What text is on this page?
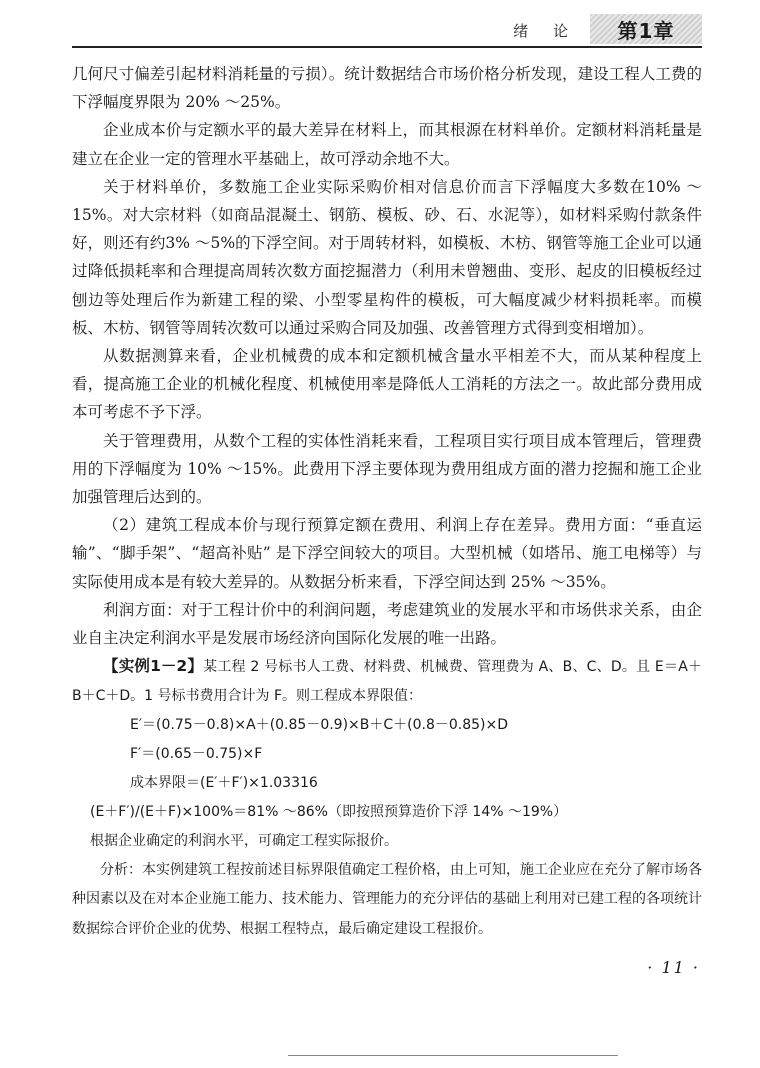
绪 论	第1章

几何尺寸偏差引起材料消耗量的亏损）。统计数据结合市场价格分析发现，建设工程人工费的下浮幅度界限为 20% ～25%。

企业成本价与定额水平的最大差异在材料上，而其根源在材料单价。定额材料消耗量是建立在企业一定的管理水平基础上，故可浮动余地不大。

关于材料单价，多数施工企业实际采购价相对信息价而言下浮幅度大多数在10% ～15%。对大宗材料（如商品混凝土、钢筋、模板、砂、石、水泥等），如材料采购付款条件好，则还有约3% ～5%的下浮空间。对于周转材料，如模板、木枋、钢管等施工企业可以通过降低损耗率和合理提高周转次数方面挖掘潜力（利用未曾翘曲、变形、起皮的旧模板经过刨边等处理后作为新建工程的梁、小型零星构件的模板，可大幅度减少材料损耗率。而模板、木枋、钢管等周转次数可以通过采购合同及加强、改善管理方式得到变相增加）。

从数据测算来看，企业机械费的成本和定额机械含量水平相差不大，而从某种程度上看，提高施工企业的机械化程度、机械使用率是降低人工消耗的方法之一。故此部分费用成本可考虑不予下浮。

关于管理费用，从数个工程的实体性消耗来看，工程项目实行项目成本管理后，管理费用的下浮幅度为 10% ～15%。此费用下浮主要体现为费用组成方面的潜力挖掘和施工企业加强管理后达到的。

（2）建筑工程成本价与现行预算定额在费用、利润上存在差异。费用方面：“垂直运输”、“脚手架”、“超高补贴” 是下浮空间较大的项目。大型机械（如塔吊、施工电梯等）与实际使用成本是有较大差异的。从数据分析来看，下浮空间达到 25% ～35%。

利润方面：对于工程计价中的利润问题，考虑建筑业的发展水平和市场供求关系，由企业自主决定利润水平是发展市场经济向国际化发展的唯一出路。

【实例1－2】某工程 2 号标书人工费、材料费、机械费、管理费为 A、B、C、D。且 E＝A＋B＋C＋D。1 号标书费用合计为 F。则工程成本界限值：

E′＝(0.75－0.8)×A＋(0.85－0.9)×B＋C＋(0.8－0.85)×D

F′＝(0.65－0.75)×F

成本界限＝(E′＋F′)×1.03316

(E＋F′)/(E＋F)×100%＝81% ～86%（即按照预算造价下浮 14% ～19%）

根据企业确定的利润水平，可确定工程实际报价。

分析：本实例建筑工程按前述目标界限值确定工程价格，由上可知，施工企业应在充分了解市场各种因素以及在对本企业施工能力、技术能力、管理能力的充分评估的基础上利用对已建工程的各项统计数据综合评价企业的优势、根据工程特点，最后确定建设工程报价。

· 11 ·
